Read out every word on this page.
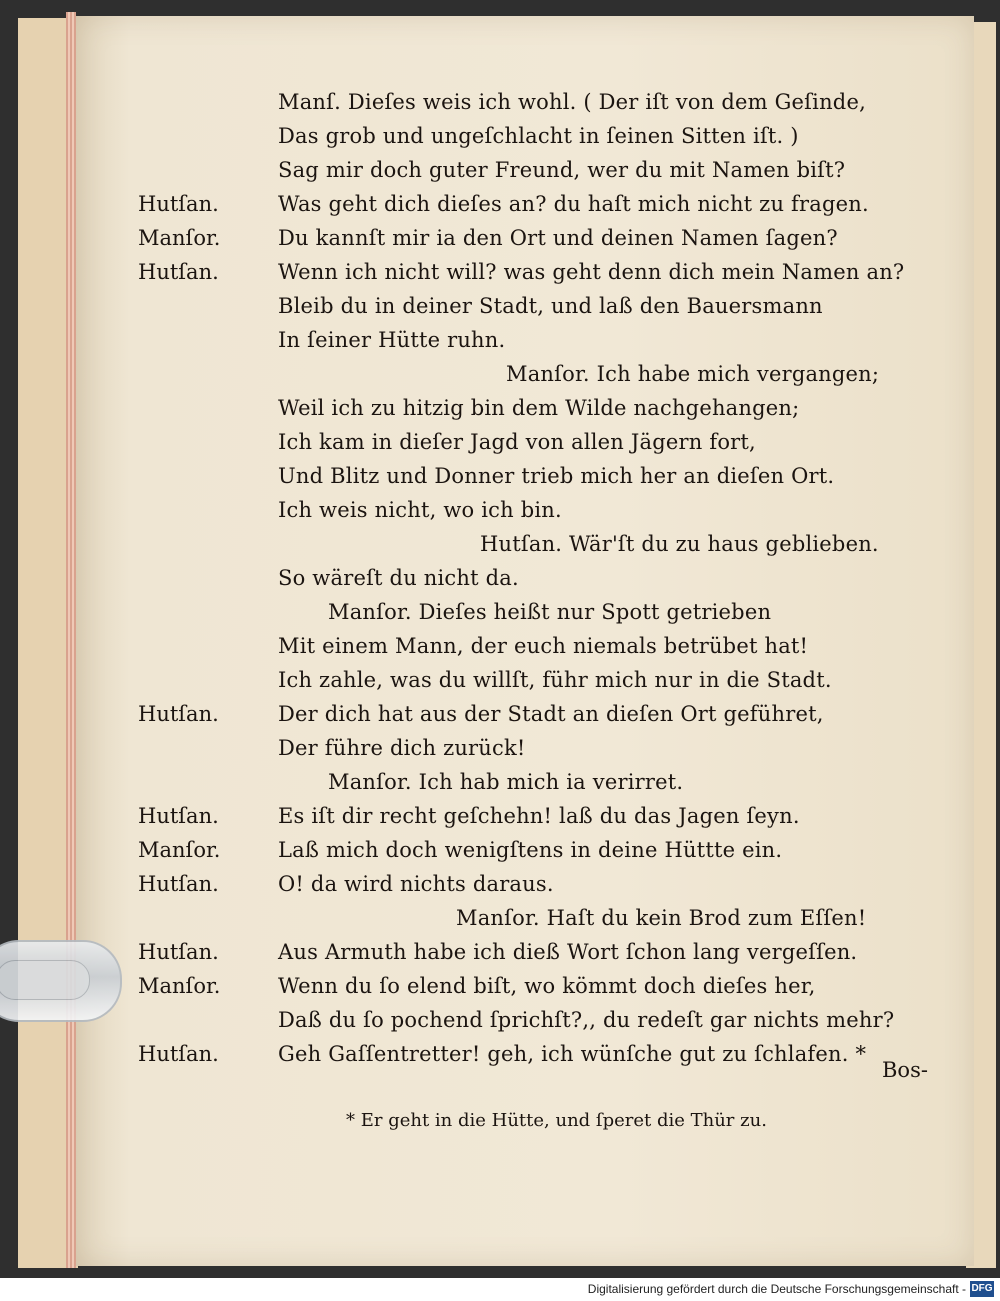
Bos-
* Er geht in die Hütte, und ſperet die Thür zu.
Manſ. Dieſes weis ich wohl. ( Der iſt von dem Geſinde,
Das grob und ungeſchlacht in ſeinen Sitten iſt. )
Sag mir doch guter Freund, wer du mit Namen biſt?
Hutſan.	Was geht dich dieſes an? du haſt mich nicht zu fragen.
Manſor.	Du kannſt mir ia den Ort und deinen Namen ſagen?
Hutſan.	Wenn ich nicht will? was geht denn dich mein Namen an?
Bleib du in deiner Stadt, und laß den Bauersmann
In ſeiner Hütte ruhn.
Manſor. Ich habe mich vergangen;
Weil ich zu hitzig bin dem Wilde nachgehangen;
Ich kam in dieſer Jagd von allen Jägern fort,
Und Blitz und Donner trieb mich her an dieſen Ort.
Ich weis nicht, wo ich bin.
Hutſan. Wär'ſt du zu haus geblieben.
So wäreſt du nicht da.
Manſor. Dieſes heißt nur Spott getrieben
Mit einem Mann, der euch niemals betrübet hat!
Ich zahle, was du willſt, führ mich nur in die Stadt.
Hutſan.	Der dich hat aus der Stadt an dieſen Ort geführet,
Der führe dich zurück!
Manſor. Ich hab mich ia verirret.
Hutſan.	Es iſt dir recht geſchehn! laß du das Jagen ſeyn.
Manſor.	Laß mich doch wenigſtens in deine Hüttte ein.
Hutſan.	O! da wird nichts daraus.
Manſor. Haſt du kein Brod zum Eſſen!
Hutſan.	Aus Armuth habe ich dieß Wort ſchon lang vergeſſen.
Manſor.	Wenn du ſo elend biſt, wo kömmt doch dieſes her,
Daß du ſo pochend ſprichſt?,, du redeſt gar nichts mehr?
Hutſan.	Geh Gaſſentretter! geh, ich wünſche gut zu ſchlafen. *
Digitalisierung gefördert durch die Deutsche Forschungsgemeinschaft - DFG
